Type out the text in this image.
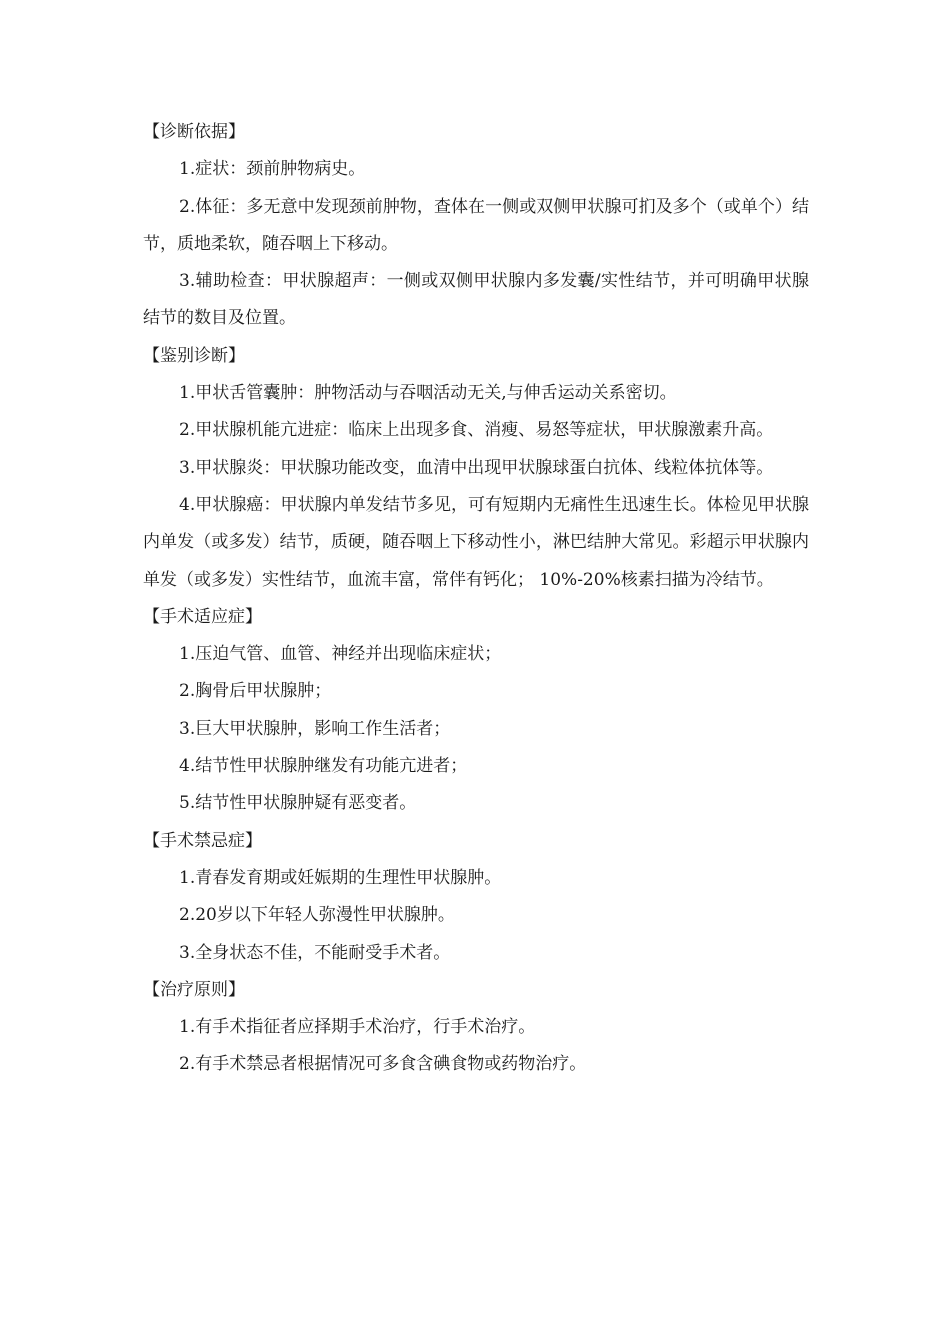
【诊断依据】

1.症状：颈前肿物病史。

2.体征：多无意中发现颈前肿物，查体在一侧或双侧甲状腺可扪及多个（或单个）结节，质地柔软，随吞咽上下移动。

3.辅助检查：甲状腺超声：一侧或双侧甲状腺内多发囊/实性结节，并可明确甲状腺结节的数目及位置。

【鉴别诊断】

1.甲状舌管囊肿：肿物活动与吞咽活动无关,与伸舌运动关系密切。

2.甲状腺机能亢进症：临床上出现多食、消瘦、易怒等症状，甲状腺激素升高。

3.甲状腺炎：甲状腺功能改变，血清中出现甲状腺球蛋白抗体、线粒体抗体等。

4.甲状腺癌：甲状腺内单发结节多见，可有短期内无痛性生迅速生长。体检见甲状腺内单发（或多发）结节，质硬，随吞咽上下移动性小，淋巴结肿大常见。彩超示甲状腺内单发（或多发）实性结节，血流丰富，常伴有钙化； 10%-20%核素扫描为冷结节。

【手术适应症】

1.压迫气管、血管、神经并出现临床症状；

2.胸骨后甲状腺肿；

3.巨大甲状腺肿，影响工作生活者；

4.结节性甲状腺肿继发有功能亢进者；

5.结节性甲状腺肿疑有恶变者。

【手术禁忌症】

1.青春发育期或妊娠期的生理性甲状腺肿。

2.20岁以下年轻人弥漫性甲状腺肿。

3.全身状态不佳，不能耐受手术者。

【治疗原则】

1.有手术指征者应择期手术治疗，行手术治疗。

2.有手术禁忌者根据情况可多食含碘食物或药物治疗。
